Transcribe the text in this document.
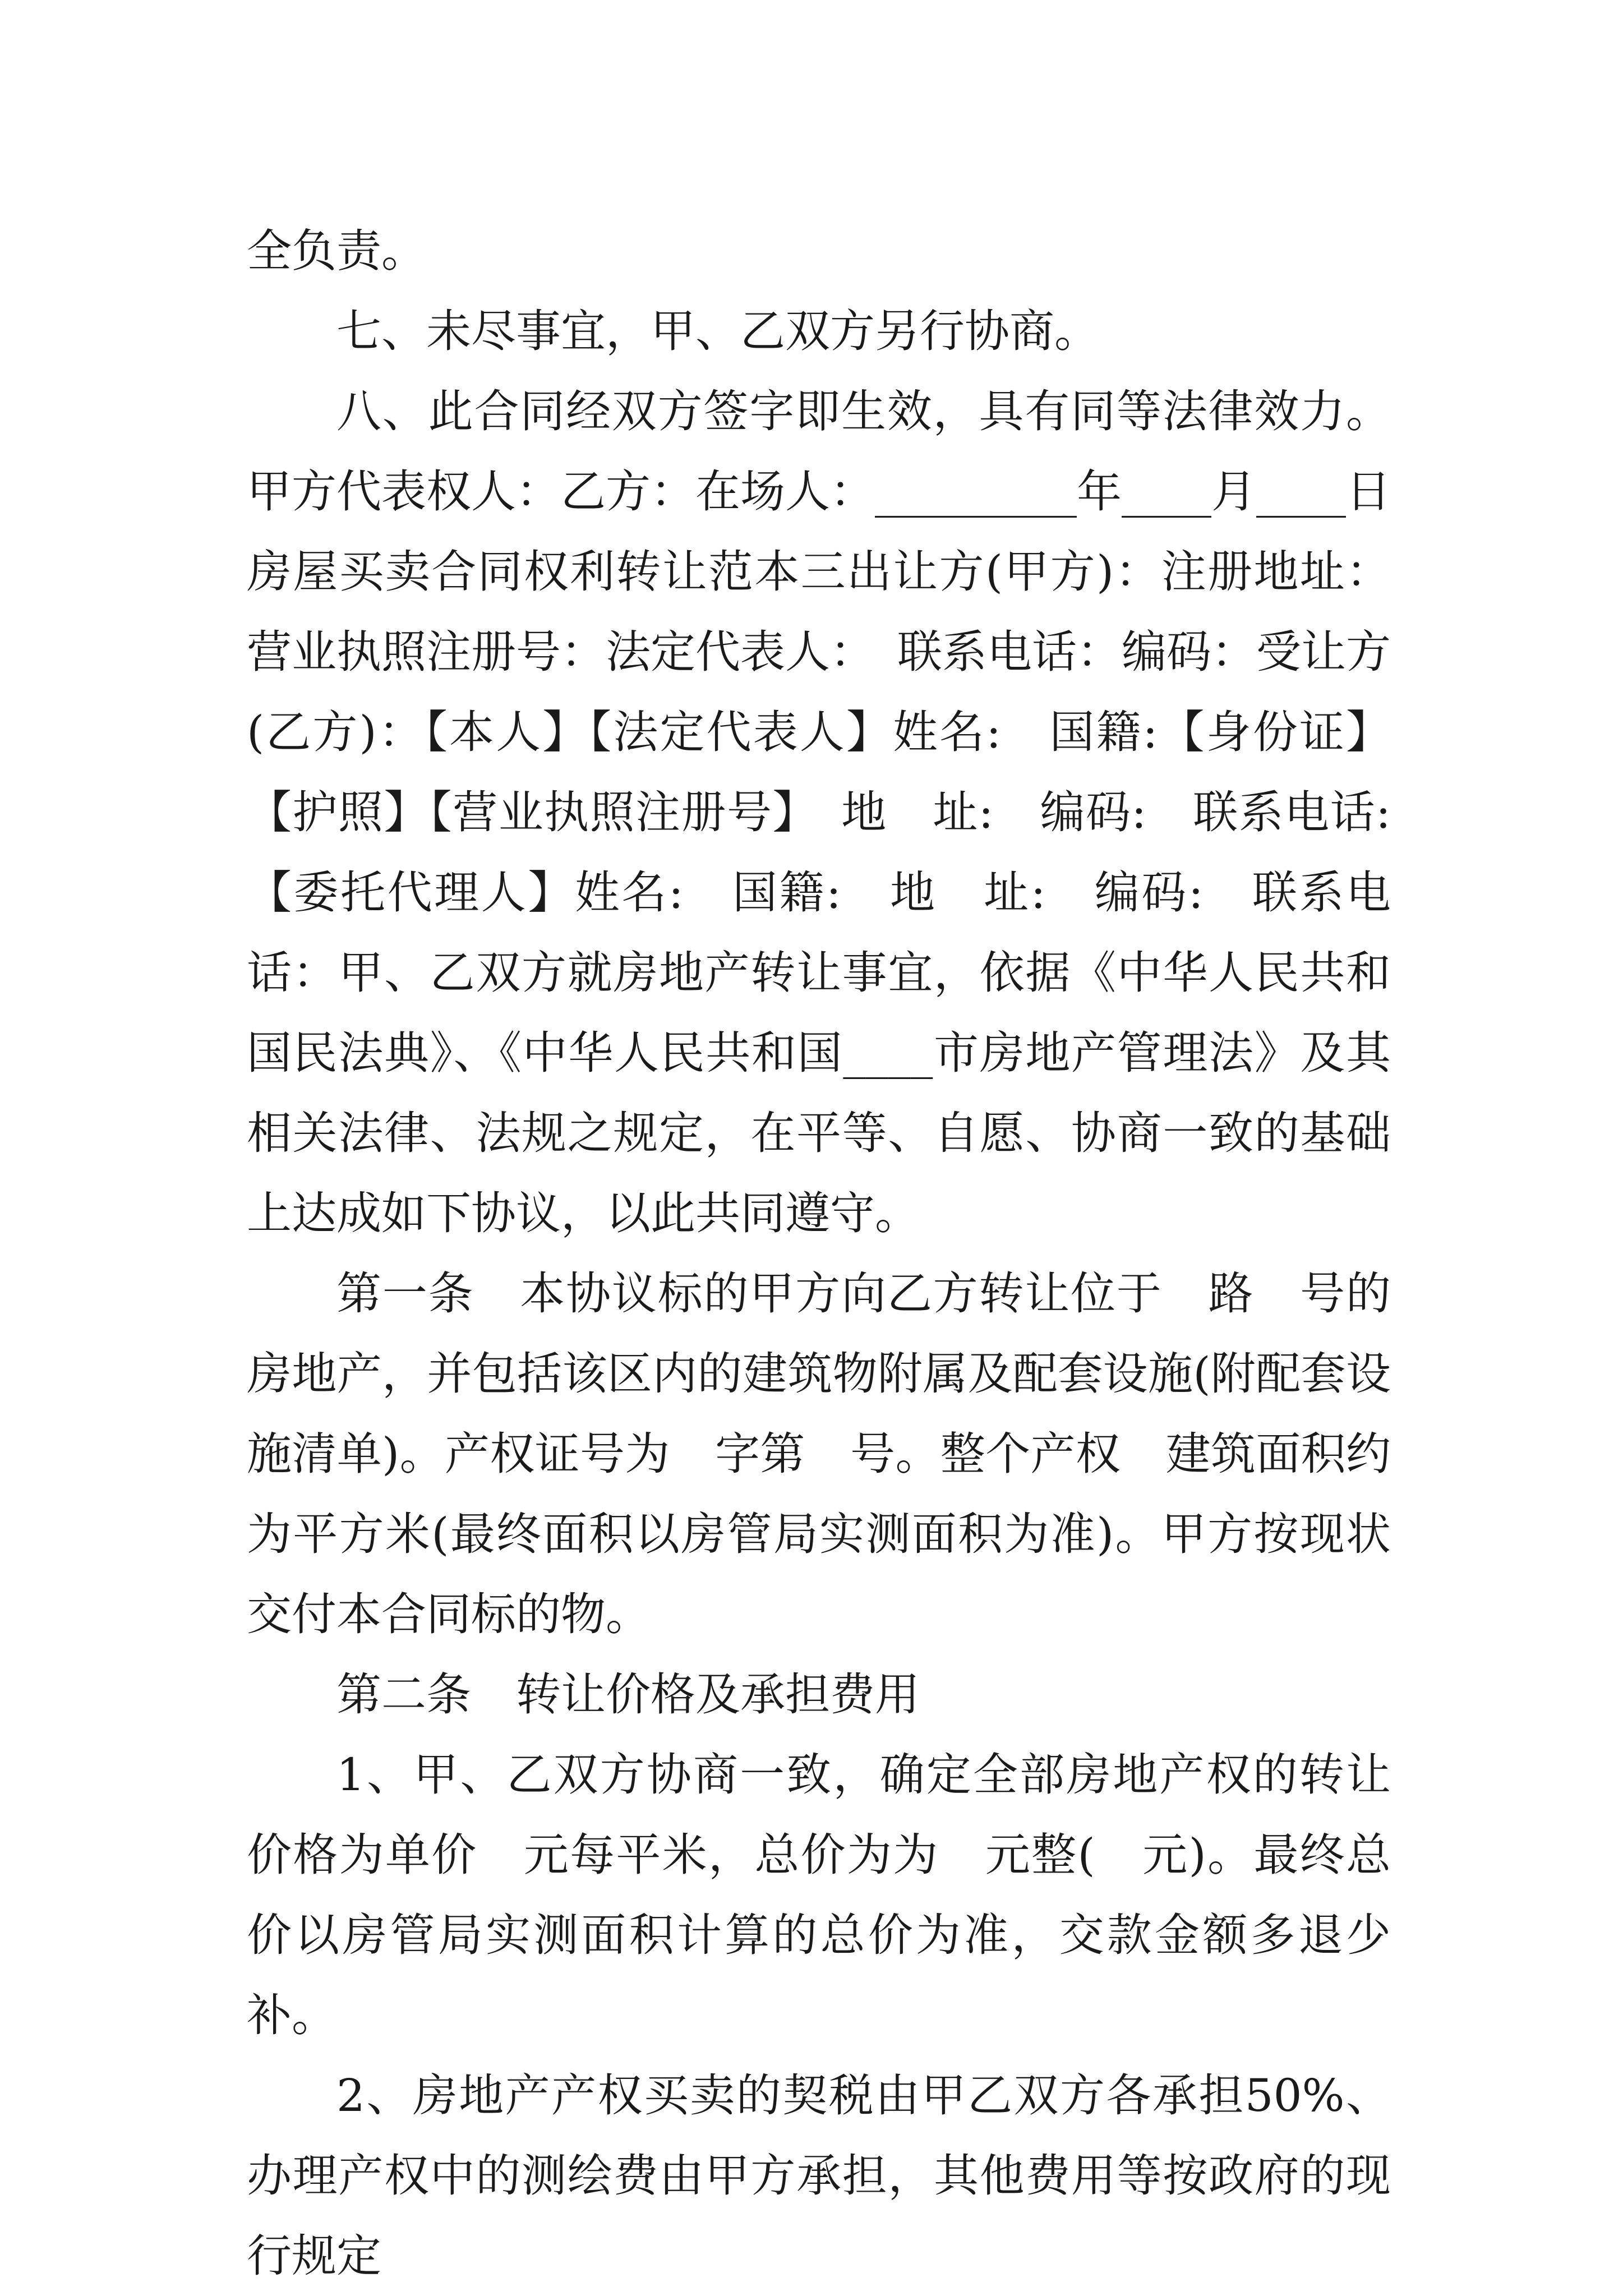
全负责。

七、未尽事宜，甲、乙双方另行协商。

八、此合同经双方签字即生效，具有同等法律效力。甲方代表权人：乙方：在场人：_________年____月____日房屋买卖合同权利转让范本三出让方(甲方)：注册地址：营业执照注册号：法定代表人：　联系电话：编码：受让方(乙方)：【本人】【法定代表人】姓名:　国籍:【身份证】【护照】【营业执照注册号】　地　址:　编码:　联系电话:【委托代理人】姓名:　国籍:　地　址:　编码:　联系电话：甲、乙双方就房地产转让事宜，依据《中华人民共和国民法典》、《中华人民共和国____市房地产管理法》及其相关法律、法规之规定，在平等、自愿、协商一致的基础上达成如下协议，以此共同遵守。

第一条　本协议标的甲方向乙方转让位于　路　号的房地产，并包括该区内的建筑物附属及配套设施(附配套设施清单)。产权证号为　字第　号。整个产权　建筑面积约为平方米(最终面积以房管局实测面积为准)。甲方按现状交付本合同标的物。

第二条　转让价格及承担费用

1、甲、乙双方协商一致，确定全部房地产权的转让价格为单价　元每平米，总价为为　元整(　元)。最终总价以房管局实测面积计算的总价为准，交款金额多退少补。

2、房地产产权买卖的契税由甲乙双方各承担50%、办理产权中的测绘费由甲方承担，其他费用等按政府的现行规定
